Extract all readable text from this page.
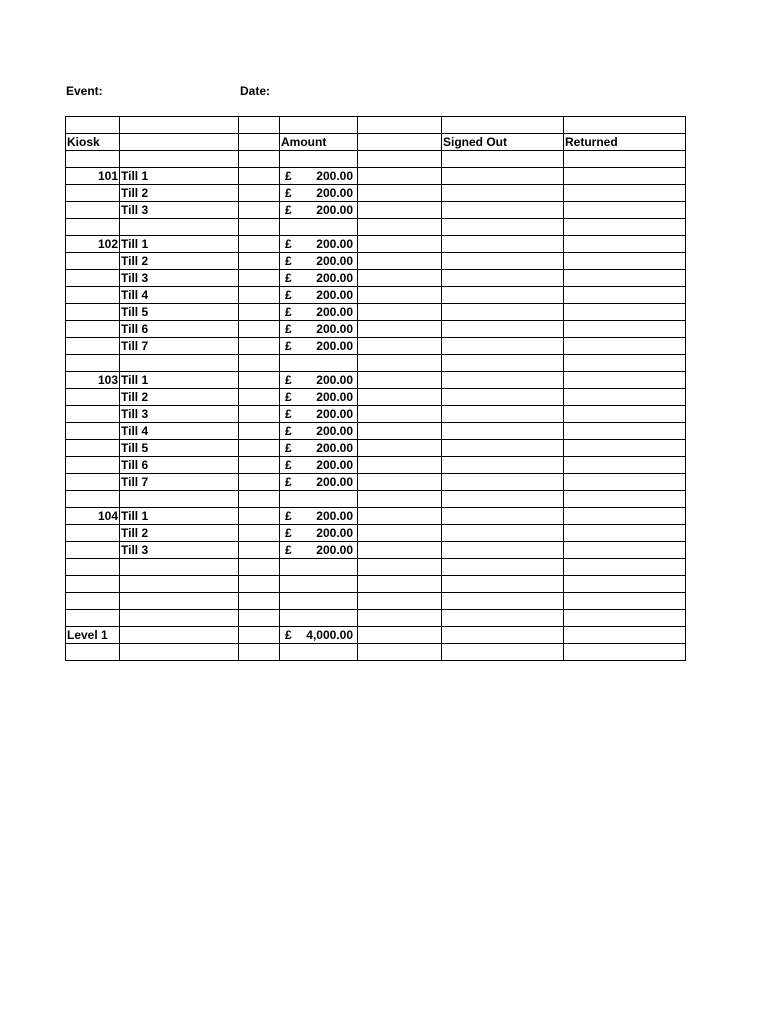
Event:	Date:

Kiosk			Amount		Signed Out	Returned

101	Till 1		£ 200.00			

	Till 2		£ 200.00			

	Till 3		£ 200.00			

102	Till 1		£ 200.00			

	Till 2		£ 200.00			

	Till 3		£ 200.00			

	Till 4		£ 200.00			

	Till 5		£ 200.00			

	Till 6		£ 200.00			

	Till 7		£ 200.00			

103	Till 1		£ 200.00			

	Till 2		£ 200.00			

	Till 3		£ 200.00			

	Till 4		£ 200.00			

	Till 5		£ 200.00			

	Till 6		£ 200.00			

	Till 7		£ 200.00			

104	Till 1		£ 200.00			

	Till 2		£ 200.00			

	Till 3		£ 200.00			

Level 1			£ 4,000.00			
